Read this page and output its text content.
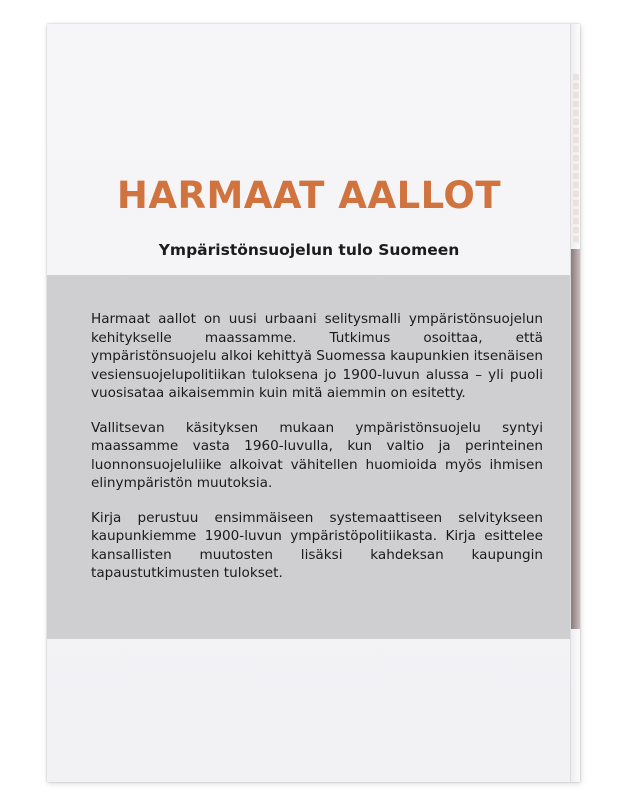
HARMAAT AALLOT
Ympäristönsuojelun tulo Suomeen

Harmaat aallot on uusi urbaani selitysmalli ympäristönsuojelun kehitykselle maassamme. Tutkimus osoittaa, että ympäristönsuojelu alkoi kehittyä Suomessa kaupunkien itsenäisen vesiensuojelupolitiikan tuloksena jo 1900-luvun alussa – yli puoli vuosisataa aikaisemmin kuin mitä aiemmin on esitetty.

Vallitsevan käsityksen mukaan ympäristönsuojelu syntyi maassamme vasta 1960-luvulla, kun valtio ja perinteinen luonnonsuojeluliike alkoivat vähitellen huomioida myös ihmisen elinympäristön muutoksia.

Kirja perustuu ensimmäiseen systemaattiseen selvitykseen kaupunkiemme 1900-luvun ympäristöpolitiikasta. Kirja esittelee kansallisten muutosten lisäksi kahdeksan kaupungin tapaustutkimusten tulokset.
